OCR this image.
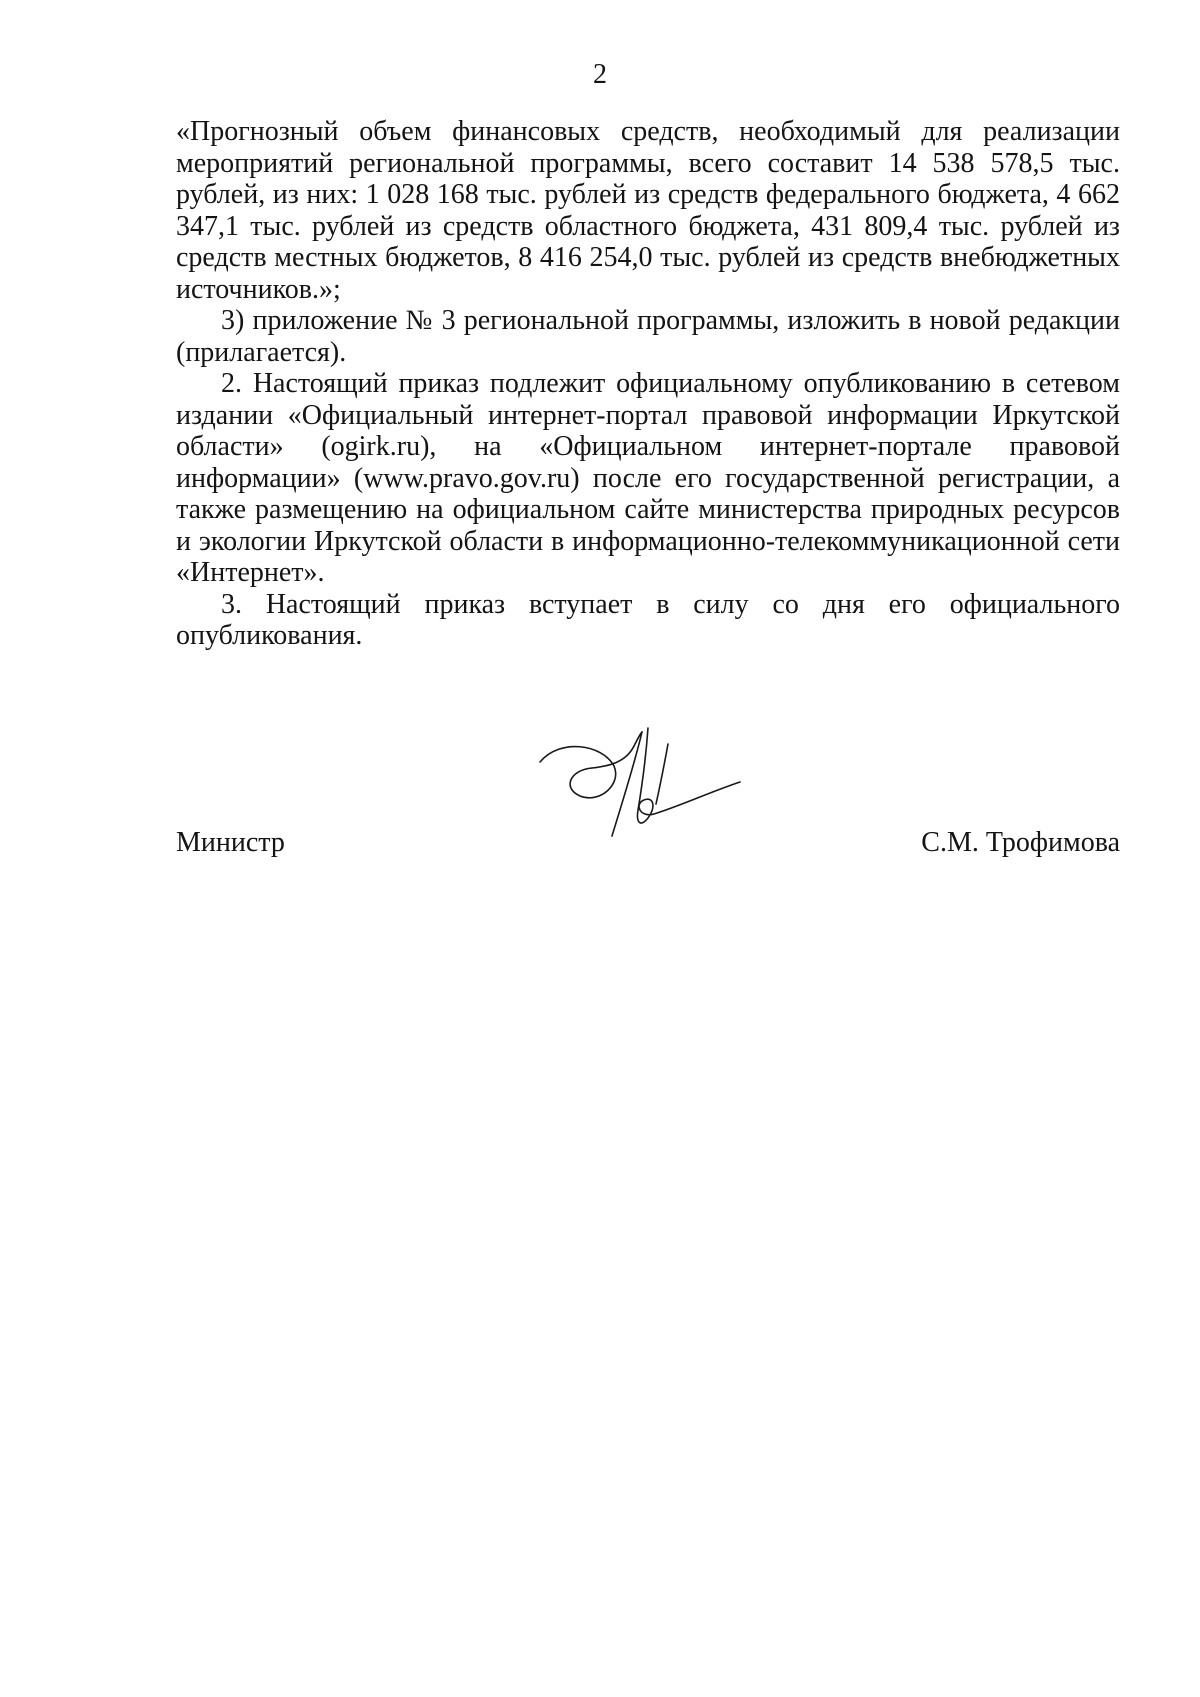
2

«Прогнозный объем финансовых средств, необходимый для реализации мероприятий региональной программы, всего составит 14 538 578,5 тыс. рублей, из них: 1 028 168 тыс. рублей из средств федерального бюджета, 4 662 347,1 тыс. рублей из средств областного бюджета, 431 809,4 тыс. рублей из средств местных бюджетов, 8 416 254,0 тыс. рублей из средств внебюджетных источников.»;

3) приложение № 3 региональной программы, изложить в новой редакции (прилагается).

2. Настоящий приказ подлежит официальному опубликованию в сетевом издании «Официальный интернет-портал правовой информации Иркутской области» (ogirk.ru), на «Официальном интернет-портале правовой информации» (www.pravo.gov.ru) после его государственной регистрации, а также размещению на официальном сайте министерства природных ресурсов и экологии Иркутской области в информационно-телекоммуникационной сети «Интернет».

3. Настоящий приказ вступает в силу со дня его официального опубликования.

Министр	С.М. Трофимова
